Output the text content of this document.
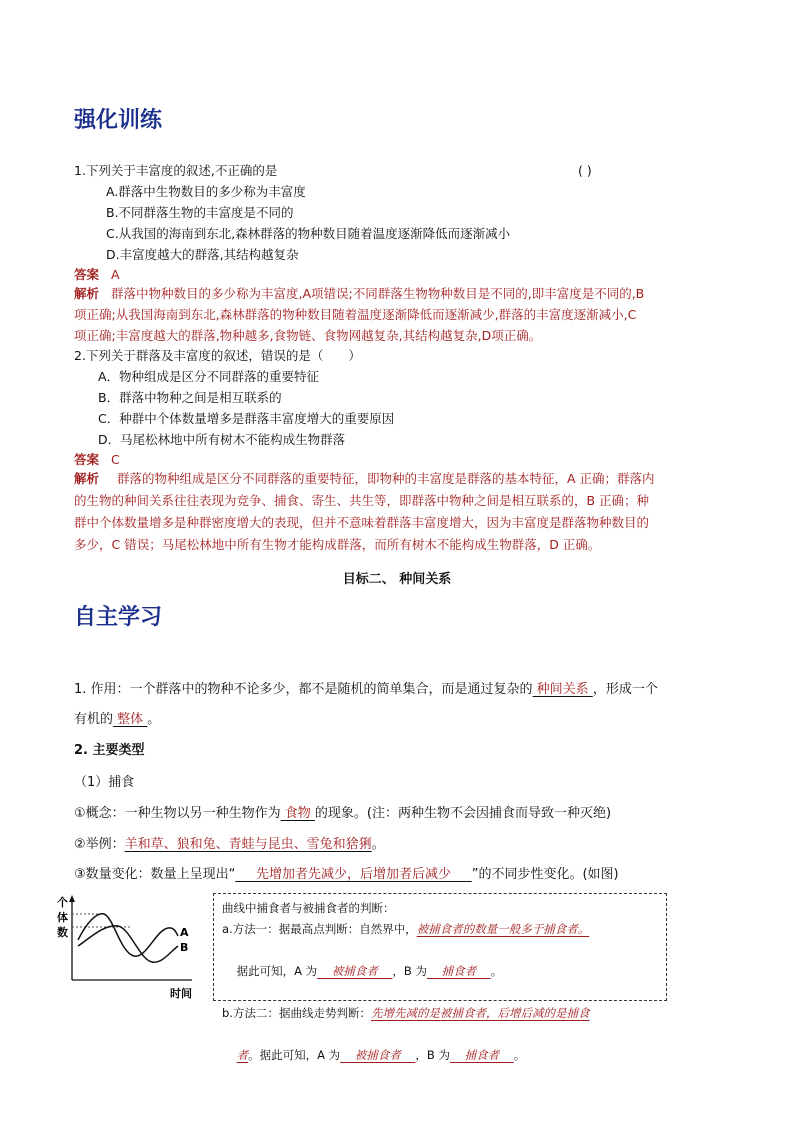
强化训练
1.下列关于丰富度的叙述,不正确的是	( )
A.群落中生物数目的多少称为丰富度
B.不同群落生物的丰富度是不同的
C.从我国的海南到东北,森林群落的物种数目随着温度逐渐降低而逐渐减小
D.丰富度越大的群落,其结构越复杂
答案 A
解析 群落中物种数目的多少称为丰富度,A项错误;不同群落生物物种数目是不同的,即丰富度是不同的,B
项正确;从我国海南到东北,森林群落的物种数目随着温度逐渐降低而逐渐减少,群落的丰富度逐渐减小,C
项正确;丰富度越大的群落,物种越多,食物链、食物网越复杂,其结构越复杂,D项正确。
2.下列关于群落及丰富度的叙述，错误的是（　　）
A．物种组成是区分不同群落的重要特征
B．群落中物种之间是相互联系的
C．种群中个体数量增多是群落丰富度增大的重要原因
D．马尾松林地中所有树木不能构成生物群落
答案 C
解析 群落的物种组成是区分不同群落的重要特征，即物种的丰富度是群落的基本特征，A 正确；群落内
的生物的种间关系往往表现为竞争、捕食、寄生、共生等，即群落中物种之间是相互联系的，B 正确；种
群中个体数量增多是种群密度增大的表现，但并不意味着群落丰富度增大，因为丰富度是群落物种数目的
多少，C 错误；马尾松林地中所有生物才能构成群落，而所有树木不能构成生物群落，D 正确。
目标二、 种间关系
自主学习
1. 作用：一个群落中的物种不论多少，都不是随机的简单集合，而是通过复杂的 种间关系 ，形成一个
有机的 整体 。
2. 主要类型
（1）捕食
①概念：一种生物以另一种生物作为 食物 的现象。(注：两种生物不会因捕食而导致一种灭绝)
②举例：羊和草、狼和兔、青蛙与昆虫、雪兔和猞猁。
③数量变化：数量上呈现出“     先增加者先减少，后增加者后减少     ”的不同步性变化。(如图)
个
体
数	A
B
时间
曲线中捕食者与被捕食者的判断：
a.方法一：据最高点判断：自然界中，被捕食者的数量一般多于捕食者。

据此可知，A 为    被捕食者    ，B 为    捕食者    。

b.方法二：据曲线走势判断：先增先减的是被捕食者，后增后减的是捕食

者。据此可知，A 为    被捕食者    ，B 为    捕食者    。
